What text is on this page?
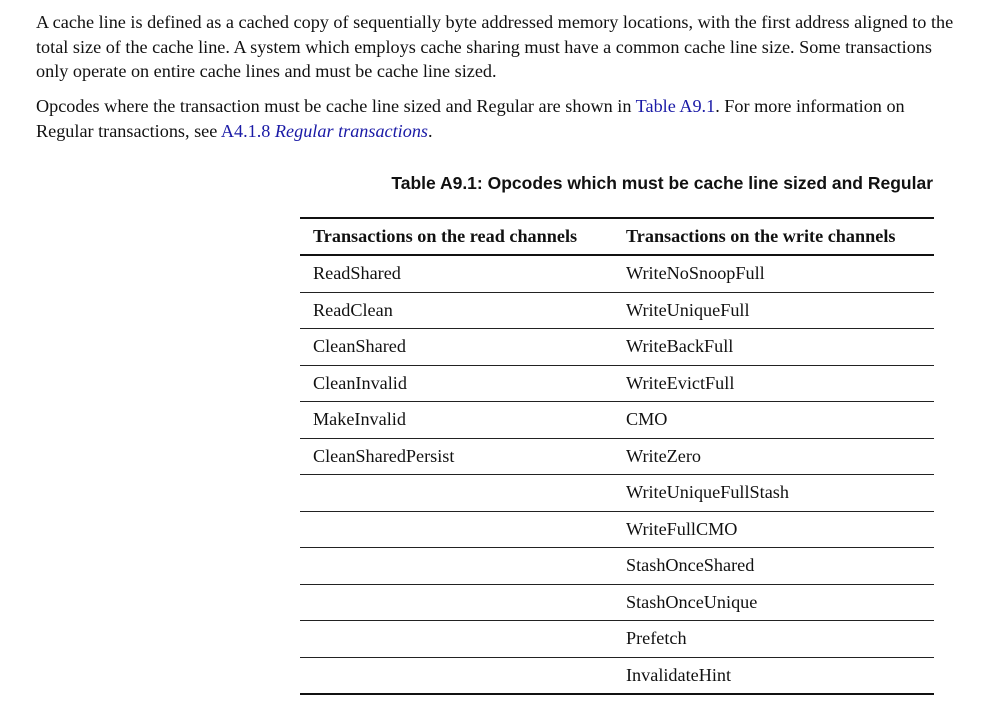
A cache line is defined as a cached copy of sequentially byte addressed memory locations, with the first address aligned to the total size of the cache line. A system which employs cache sharing must have a common cache line size. Some transactions only operate on entire cache lines and must be cache line sized.

Opcodes where the transaction must be cache line sized and Regular are shown in Table A9.1. For more information on Regular transactions, see A4.1.8 Regular transactions.

Table A9.1: Opcodes which must be cache line sized and Regular

Transactions on the read channels	Transactions on the write channels
ReadShared	WriteNoSnoopFull
ReadClean	WriteUniqueFull
CleanShared	WriteBackFull
CleanInvalid	WriteEvictFull
MakeInvalid	CMO
CleanSharedPersist	WriteZero
	WriteUniqueFullStash
	WriteFullCMO
	StashOnceShared
	StashOnceUnique
	Prefetch
	InvalidateHint
